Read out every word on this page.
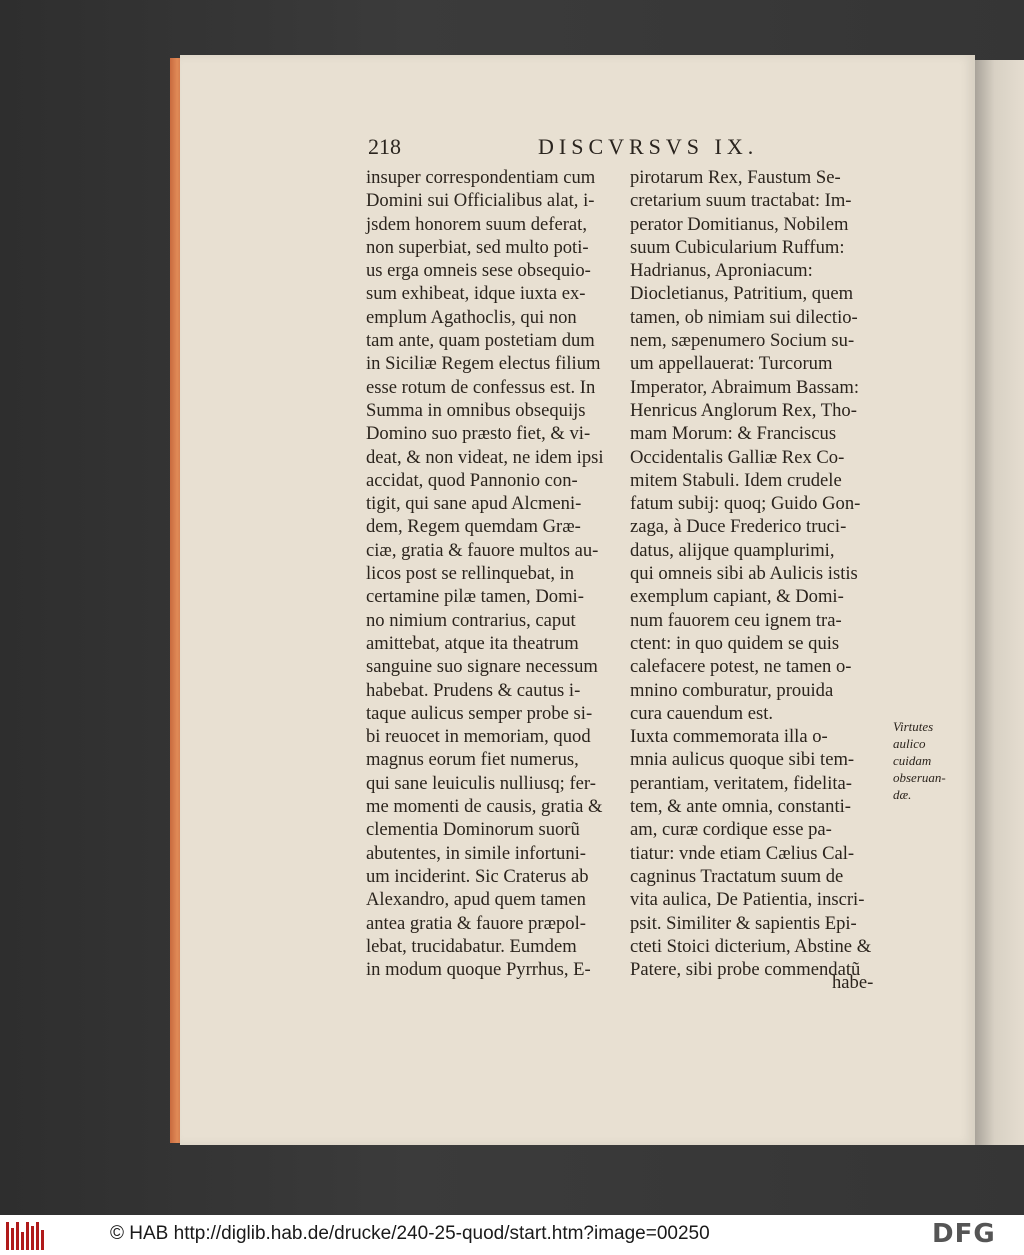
218	DISCVRSVS IX.
insuper correspondentiam cum
Domini sui Officialibus alat, i-
jsdem honorem suum deferat,
non superbiat, sed multo poti-
us erga omneis sese obsequio-
sum exhibeat, idque iuxta ex-
emplum Agathoclis, qui non
tam ante, quam postetiam dum
in Siciliæ Regem electus filium
esse rotum de confessus est. In
Summa in omnibus obsequijs
Domino suo præsto fiet, & vi-
deat, & non videat, ne idem ipsi
accidat, quod Pannonio con-
tigit, qui sane apud Alcmeni-
dem, Regem quemdam Græ-
ciæ, gratia & fauore multos au-
licos post se rellinquebat, in
certamine pilæ tamen, Domi-
no nimium contrarius, caput
amittebat, atque ita theatrum
sanguine suo signare necessum
habebat. Prudens & cautus i-
taque aulicus semper probe si-
bi reuocet in memoriam, quod
magnus eorum fiet numerus,
qui sane leuiculis nulliusq; fer-
me momenti de causis, gratia &
clementia Dominorum suorũ
abutentes, in simile infortuni-
um inciderint. Sic Craterus ab
Alexandro, apud quem tamen
antea gratia & fauore præpol-
lebat, trucidabatur. Eumdem
in modum quoque Pyrrhus, E-
pirotarum Rex, Faustum Se-
cretarium suum tractabat: Im-
perator Domitianus, Nobilem
suum Cubicularium Ruffum:
Hadrianus, Aproniacum:
Diocletianus, Patritium, quem
tamen, ob nimiam sui dilectio-
nem, sæpenumero Socium su-
um appellauerat: Turcorum
Imperator, Abraimum Bassam:
Henricus Anglorum Rex, Tho-
mam Morum: & Franciscus
Occidentalis Galliæ Rex Co-
mitem Stabuli. Idem crudele
fatum subij: quoq; Guido Gon-
zaga, à Duce Frederico truci-
datus, alijque quamplurimi,
qui omneis sibi ab Aulicis istis
exemplum capiant, & Domi-
num fauorem ceu ignem tra-
ctent: in quo quidem se quis
calefacere potest, ne tamen o-
mnino comburatur, prouida
cura cauendum est.
Iuxta commemorata illa o-
mnia aulicus quoque sibi tem-
perantiam, veritatem, fidelita-
tem, & ante omnia, constanti-
am, curæ cordique esse pa-
tiatur: vnde etiam Cælius Cal-
cagninus Tractatum suum de
vita aulica, De Patientia, inscri-
psit. Similiter & sapientis Epi-
cteti Stoici dicterium, Abstine &
Patere, sibi probe commendatũ
habe-
Virtutes
aulico
cuidam
obseruan-
dæ.
© HAB http://diglib.hab.de/drucke/240-25-quod/start.htm?image=00250	DFG
